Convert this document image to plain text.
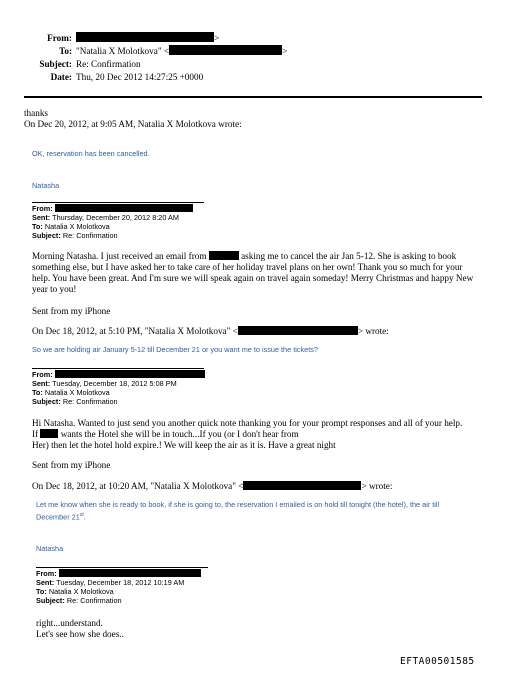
From:	>
To: "Natalia X Molotkova" <	>
Subject: Re: Confirmation
Date: Thu, 20 Dec 2012 14:27:25 +0000
thanks
On Dec 20, 2012, at 9:05 AM, Natalia X Molotkova wrote:
OK, reservation has been cancelled.
Natasha
From:
Sent: Thursday, December 20, 2012 8:20 AM
To: Natalia X Molotkova
Subject: Re: Confirmation
Morning Natasha. I just received an email from	asking me to cancel the air Jan 5-12. She is asking to book something else, but I have asked her to take care of her holiday travel plans on her own! Thank you so much for your help. You have been great. And I'm sure we will speak again on travel again someday! Merry Christmas and happy New year to you!
Sent from my iPhone
On Dec 18, 2012, at 5:10 PM, "Natalia X Molotkova" <	> wrote:
So we are holding air January 5-12 till December 21 or you want me to issue the tickets?
From:
Sent: Tuesday, December 18, 2012 5:08 PM
To: Natalia X Molotkova
Subject: Re: Confirmation
Hi Natasha. Wanted to just send you another quick note thanking you for your prompt responses and all of your help.
If wants the Hotel she will be in touch...If you (or I don't hear from
Her) then let the hotel hold expire.! We will keep the air as it is. Have a great night
Sent from my iPhone
On Dec 18, 2012, at 10:20 AM, "Natalia X Molotkova" <	> wrote:
Let me know when she is ready to book, if she is going to, the reservation I emailed is on hold till tonight (the hotel), the air till
December 21st.
Natasha
From:
Sent: Tuesday, December 18, 2012 10:19 AM
To: Natalia X Molotkova
Subject: Re: Confirmation
right...understand.
Let's see how she does..
EFTA00501585
